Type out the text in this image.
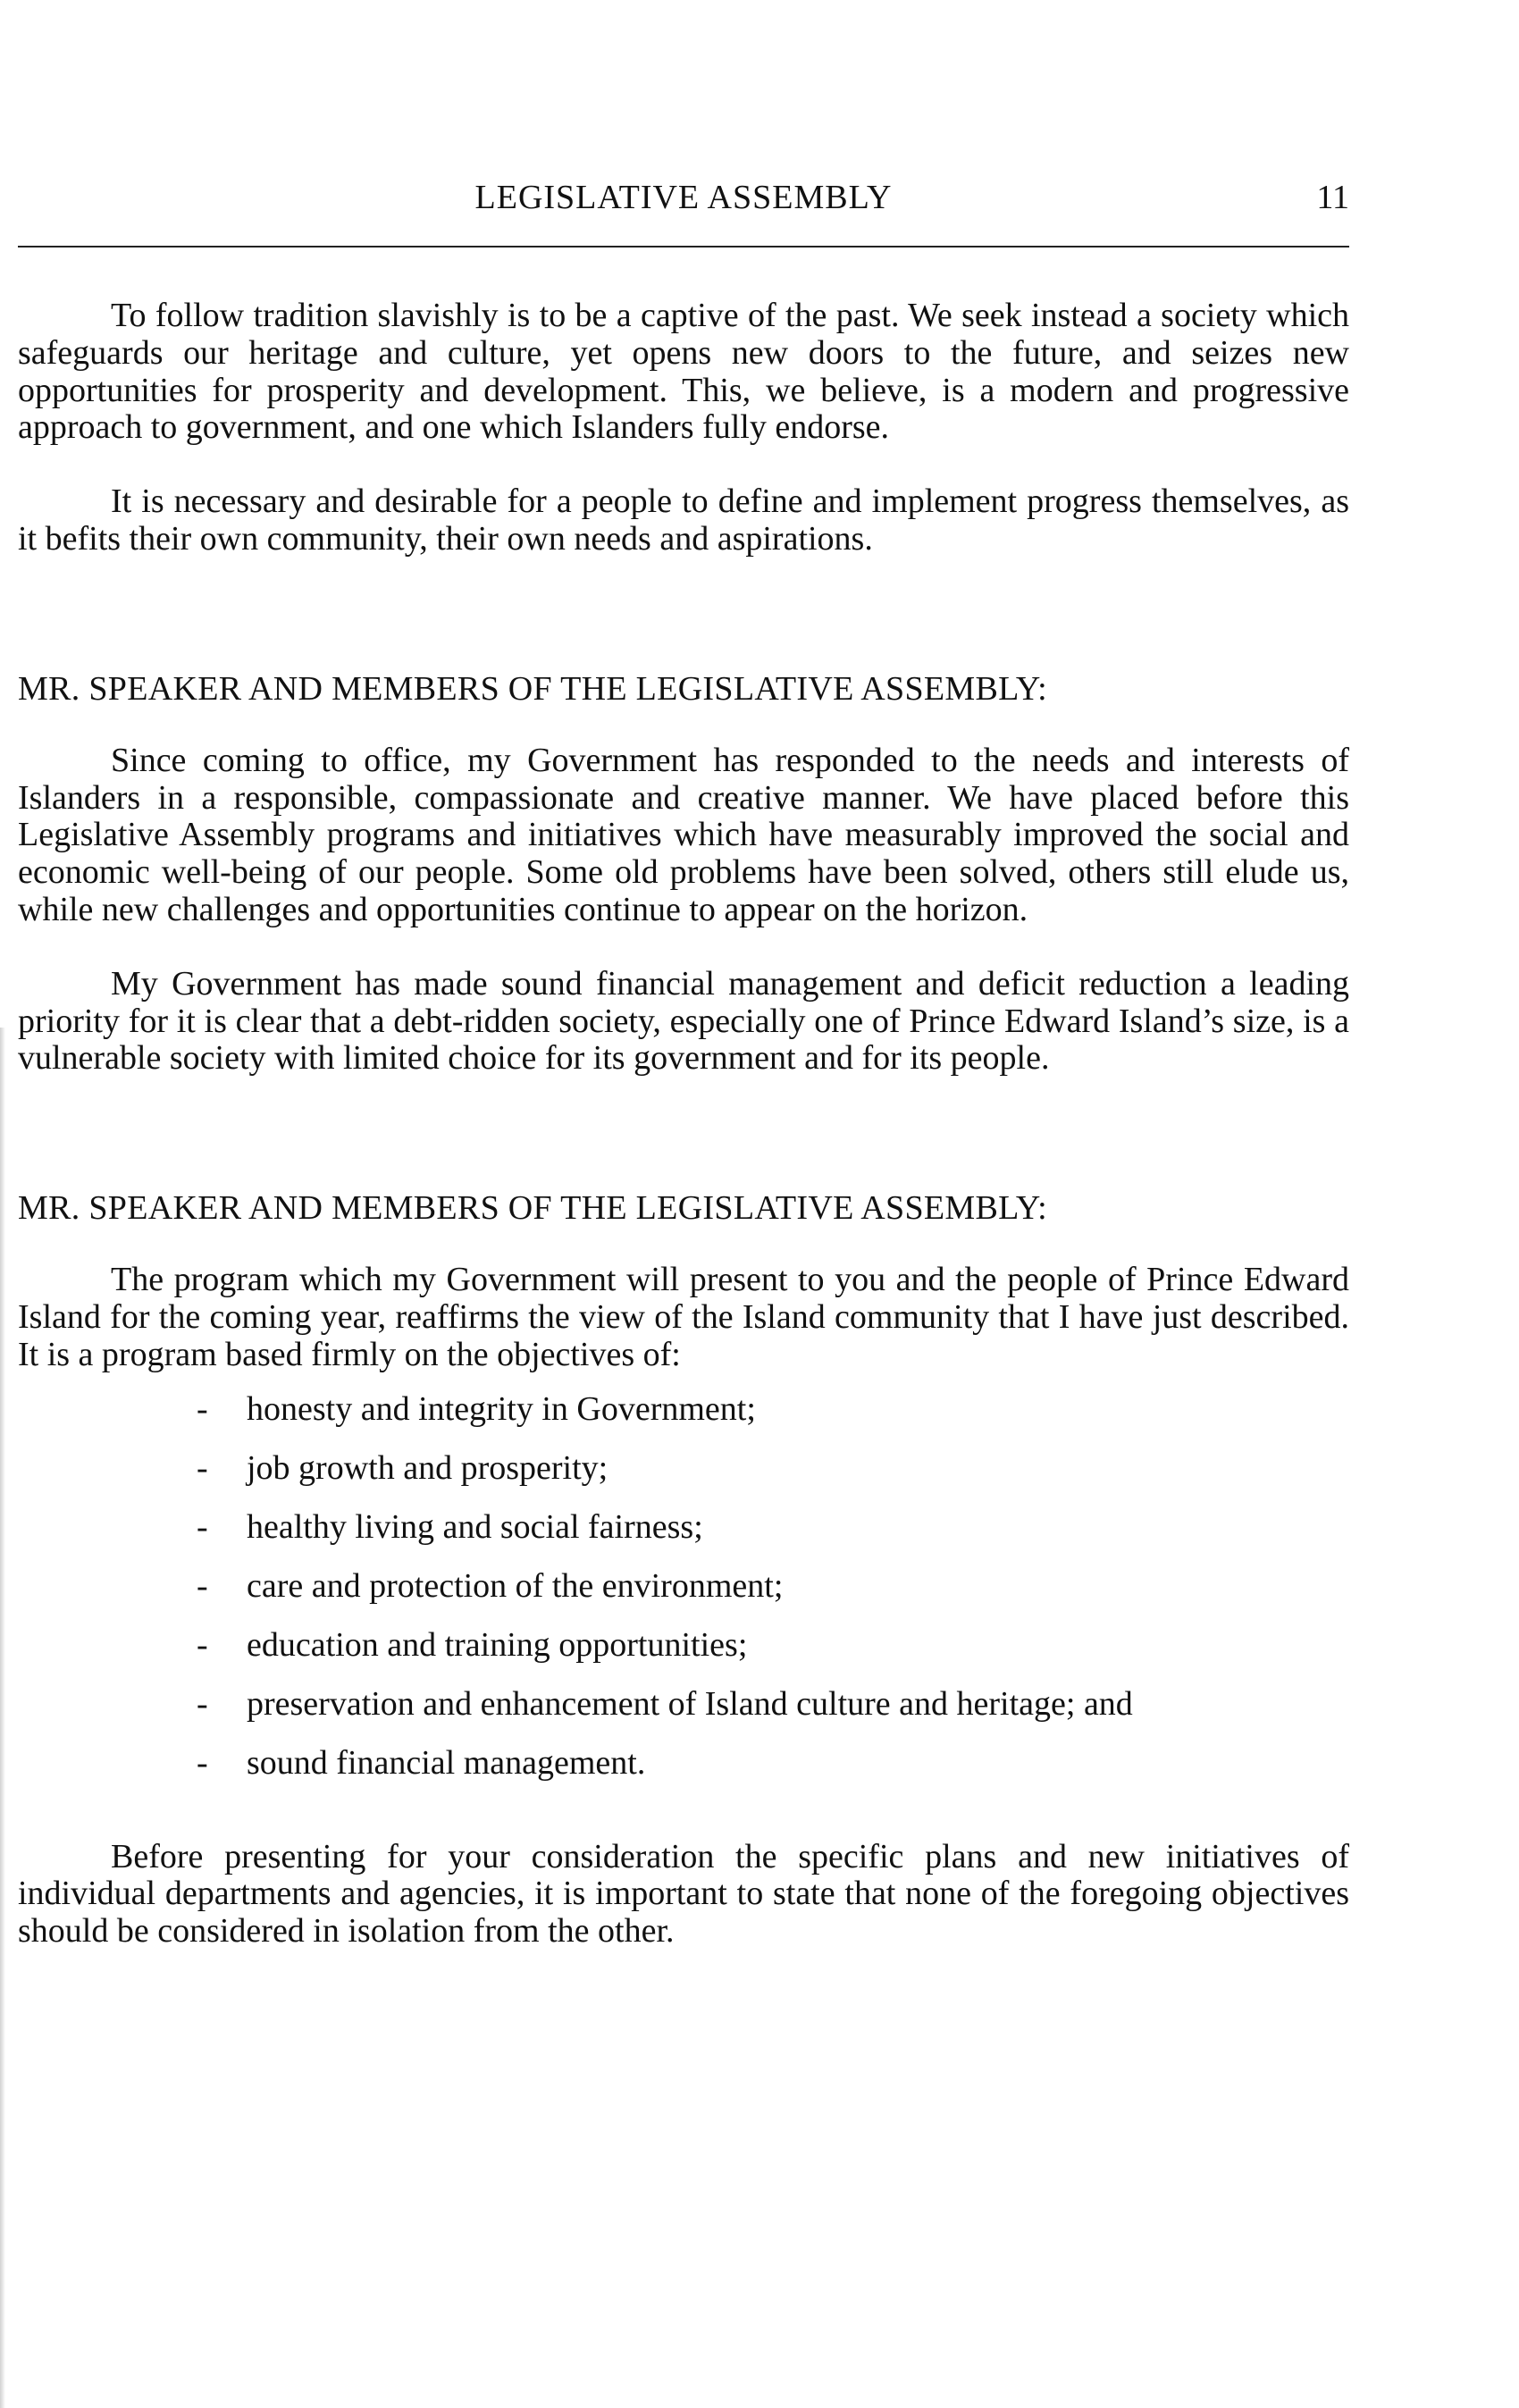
LEGISLATIVE ASSEMBLY	11

To follow tradition slavishly is to be a captive of the past. We seek instead a society which safeguards our heritage and culture, yet opens new doors to the future, and seizes new opportunities for prosperity and development. This, we believe, is a modern and progressive approach to government, and one which Islanders fully endorse.

It is necessary and desirable for a people to define and implement progress themselves, as it befits their own community, their own needs and aspirations.

MR. SPEAKER AND MEMBERS OF THE LEGISLATIVE ASSEMBLY:

Since coming to office, my Government has responded to the needs and interests of Islanders in a responsible, compassionate and creative manner. We have placed before this Legislative Assembly programs and initiatives which have measurably improved the social and economic well-being of our people. Some old problems have been solved, others still elude us, while new challenges and opportunities continue to appear on the horizon.

My Government has made sound financial management and deficit reduction a leading priority for it is clear that a debt-ridden society, especially one of Prince Edward Island’s size, is a vulnerable society with limited choice for its government and for its people.

MR. SPEAKER AND MEMBERS OF THE LEGISLATIVE ASSEMBLY:

The program which my Government will present to you and the people of Prince Edward Island for the coming year, reaffirms the view of the Island community that I have just described. It is a program based firmly on the objectives of:

- honesty and integrity in Government;
- job growth and prosperity;
- healthy living and social fairness;
- care and protection of the environment;
- education and training opportunities;
- preservation and enhancement of Island culture and heritage; and
- sound financial management.

Before presenting for your consideration the specific plans and new initiatives of individual departments and agencies, it is important to state that none of the foregoing objectives should be considered in isolation from the other.
